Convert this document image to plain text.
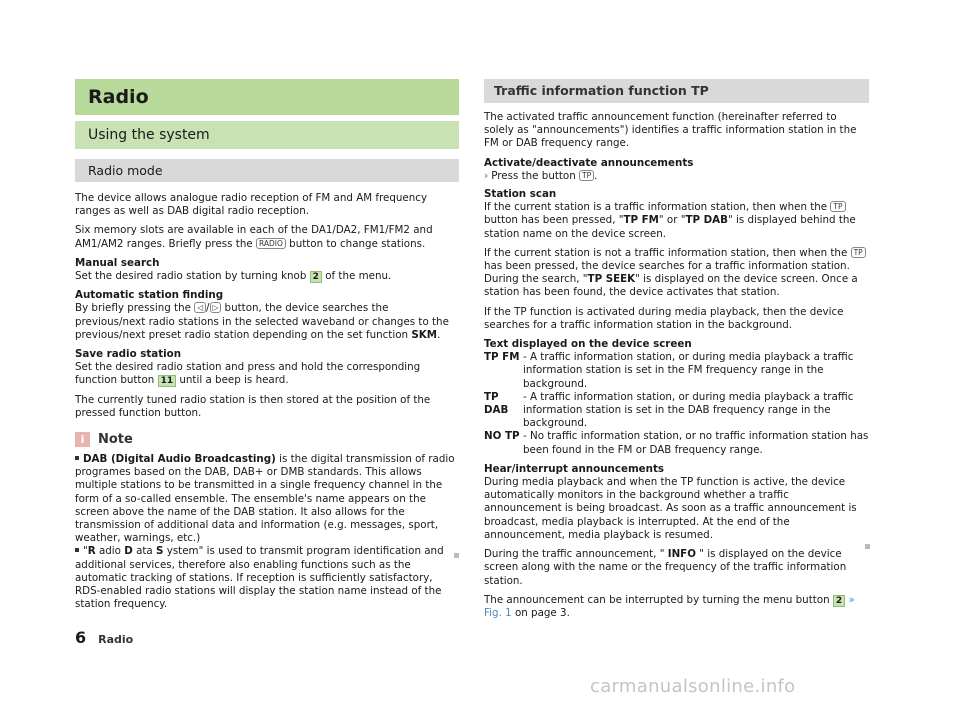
Radio
Using the system
Radio mode

The device allows analogue radio reception of FM and AM frequency ranges as well as DAB digital radio reception.

Six memory slots are available in each of the DA1/DA2, FM1/FM2 and AM1/AM2 ranges. Briefly press the RADIO button to change stations.

Manual search

Set the desired radio station by turning knob 2 of the menu.

Automatic station finding

By briefly pressing the ◁ / ▷ button, the device searches the previous/next radio stations in the selected waveband or changes to the previous/next preset radio station depending on the set function SKM.

Save radio station

Set the desired radio station and press and hold the corresponding function button 11 until a beep is heard.

The currently tuned radio station is then stored at the position of the pressed function button.

i	Note
DAB (Digital Audio Broadcasting) is the digital transmission of radio programes based on the DAB, DAB+ or DMB standards. This allows multiple stations to be transmitted in a single frequency channel in the form of a so-called ensemble. The ensemble's name appears on the screen above the name of the DAB station. It also allows for the transmission of additional data and information (e.g. messages, sport, weather, warnings, etc.)
"R adio D ata S ystem" is used to transmit program identification and additional services, therefore also enabling functions such as the automatic tracking of stations. If reception is sufficiently satisfactory, RDS-enabled radio stations will display the station name instead of the station frequency.
Traffic information function TP

The activated traffic announcement function (hereinafter referred to solely as "announcements") identifies a traffic information station in the FM or DAB frequency range.

Activate/deactivate announcements
› Press the button TP .
Station scan

If the current station is a traffic information station, then when the TPbutton has been pressed, "TP FM" or "TP DAB" is displayed behind the station name on the device screen.

If the current station is not a traffic information station, then when the TPhas been pressed, the device searches for a traffic information station. During the search, "TP SEEK" is displayed on the device screen. Once a station has been found, the device activates that station.

If the TP function is activated during media playback, then the device searches for a traffic information station in the background.

Text displayed on the device screen
TP FM - A traffic information station, or during media playback a traffic information station is set in the FM frequency range in the background.
TP DAB
- A traffic information station, or during media playback a traffic information station is set in the DAB frequency range in the background.
NO TP - No traffic information station, or no traffic information station has been found in the FM or DAB frequency range.
Hear/interrupt announcements

During media playback and when the TP function is active, the device automatically monitors in the background whether a traffic announcement is being broadcast. As soon as a traffic announcement is broadcast, media playback is interrupted. At the end of the announcement, media playback is resumed.

During the traffic announcement, " INFO " is displayed on the device screen along with the name or the frequency of the traffic information station.

The announcement can be interrupted by turning the menu button 2 » Fig. 1 on page 3.

6 Radio
carmanualsonline.info
